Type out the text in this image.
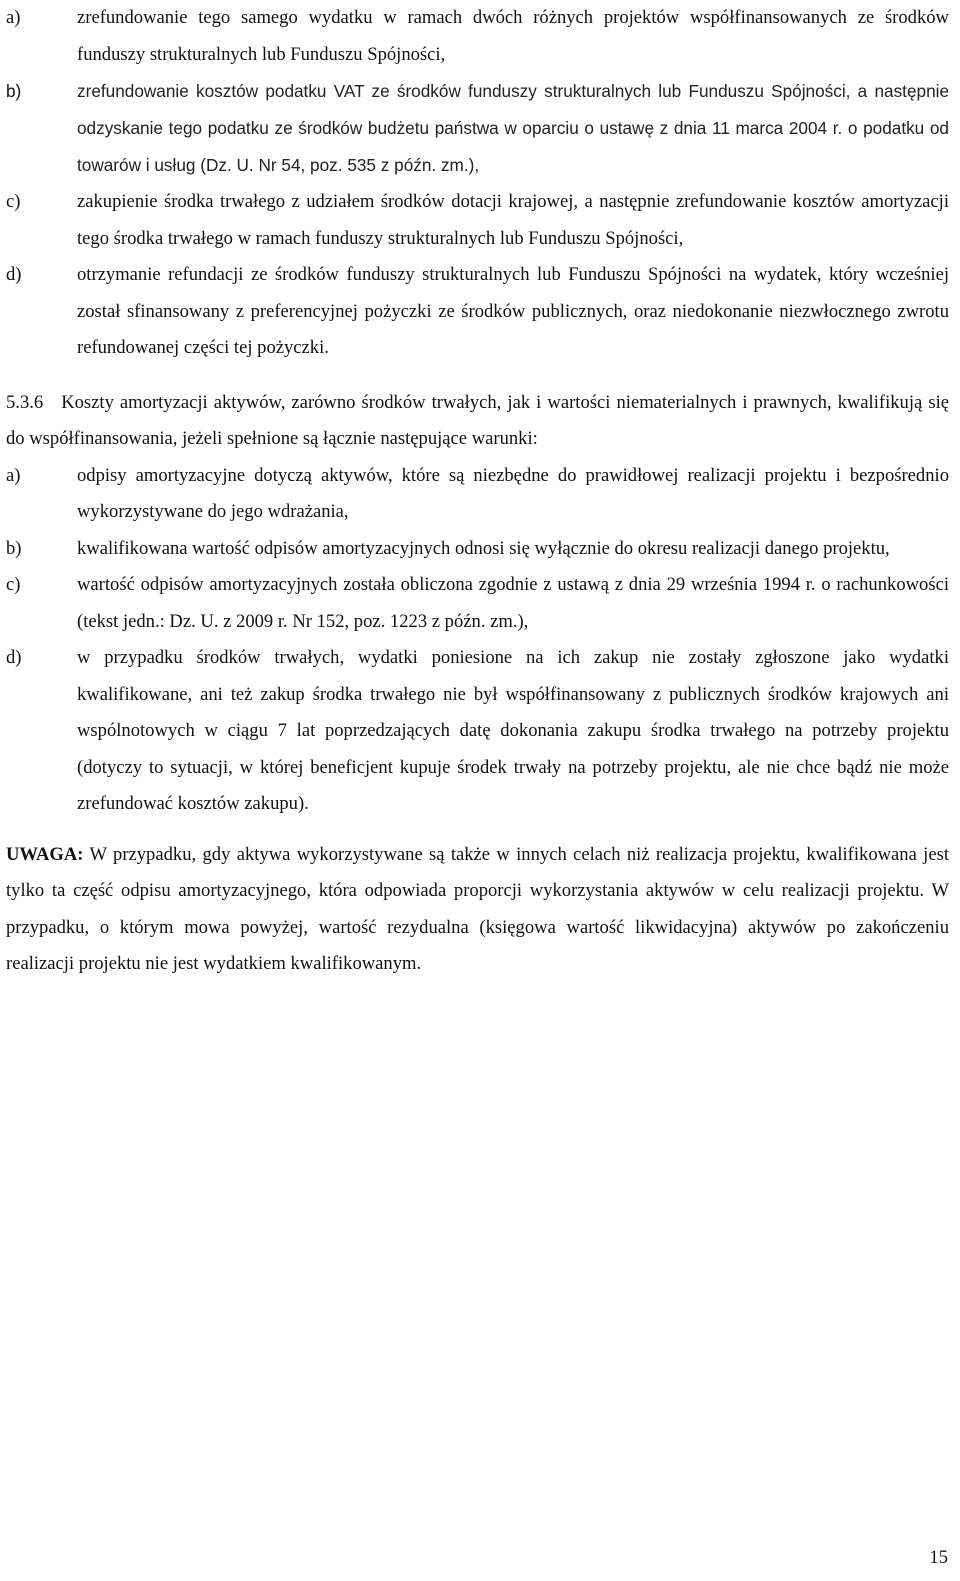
a)	zrefundowanie tego samego wydatku w ramach dwóch różnych projektów współfinansowanych ze środków funduszy strukturalnych lub Funduszu Spójności,
b)	zrefundowanie kosztów podatku VAT ze środków funduszy strukturalnych lub Funduszu Spójności, a następnie odzyskanie tego podatku ze środków budżetu państwa w oparciu o ustawę z dnia 11 marca 2004 r. o podatku od towarów i usług (Dz. U. Nr 54, poz. 535 z późn. zm.),
c)	zakupienie środka trwałego z udziałem środków dotacji krajowej, a następnie zrefundowanie kosztów amortyzacji tego środka trwałego w ramach funduszy strukturalnych lub Funduszu Spójności,
d)	otrzymanie refundacji ze środków funduszy strukturalnych lub Funduszu Spójności na wydatek, który wcześniej został sfinansowany z preferencyjnej pożyczki ze środków publicznych, oraz niedokonanie niezwłocznego zwrotu refundowanej części tej pożyczki.
5.3.6 Koszty amortyzacji aktywów, zarówno środków trwałych, jak i wartości niematerialnych i prawnych, kwalifikują się do współfinansowania, jeżeli spełnione są łącznie następujące warunki:
a)	odpisy amortyzacyjne dotyczą aktywów, które są niezbędne do prawidłowej realizacji projektu i bezpośrednio wykorzystywane do jego wdrażania,
b)	kwalifikowana wartość odpisów amortyzacyjnych odnosi się wyłącznie do okresu realizacji danego projektu,
c)	wartość odpisów amortyzacyjnych została obliczona zgodnie z ustawą z dnia 29 września 1994 r. o rachunkowości (tekst jedn.: Dz. U. z 2009 r. Nr 152, poz. 1223 z późn. zm.),
d)	w przypadku środków trwałych, wydatki poniesione na ich zakup nie zostały zgłoszone jako wydatki kwalifikowane, ani też zakup środka trwałego nie był współfinansowany z publicznych środków krajowych ani wspólnotowych w ciągu 7 lat poprzedzających datę dokonania zakupu środka trwałego na potrzeby projektu (dotyczy to sytuacji, w której beneficjent kupuje środek trwały na potrzeby projektu, ale nie chce bądź nie może zrefundować kosztów zakupu).
UWAGA: W przypadku, gdy aktywa wykorzystywane są także w innych celach niż realizacja projektu, kwalifikowana jest tylko ta część odpisu amortyzacyjnego, która odpowiada proporcji wykorzystania aktywów w celu realizacji projektu. W przypadku, o którym mowa powyżej, wartość rezydualna (księgowa wartość likwidacyjna) aktywów po zakończeniu realizacji projektu nie jest wydatkiem kwalifikowanym.
15
